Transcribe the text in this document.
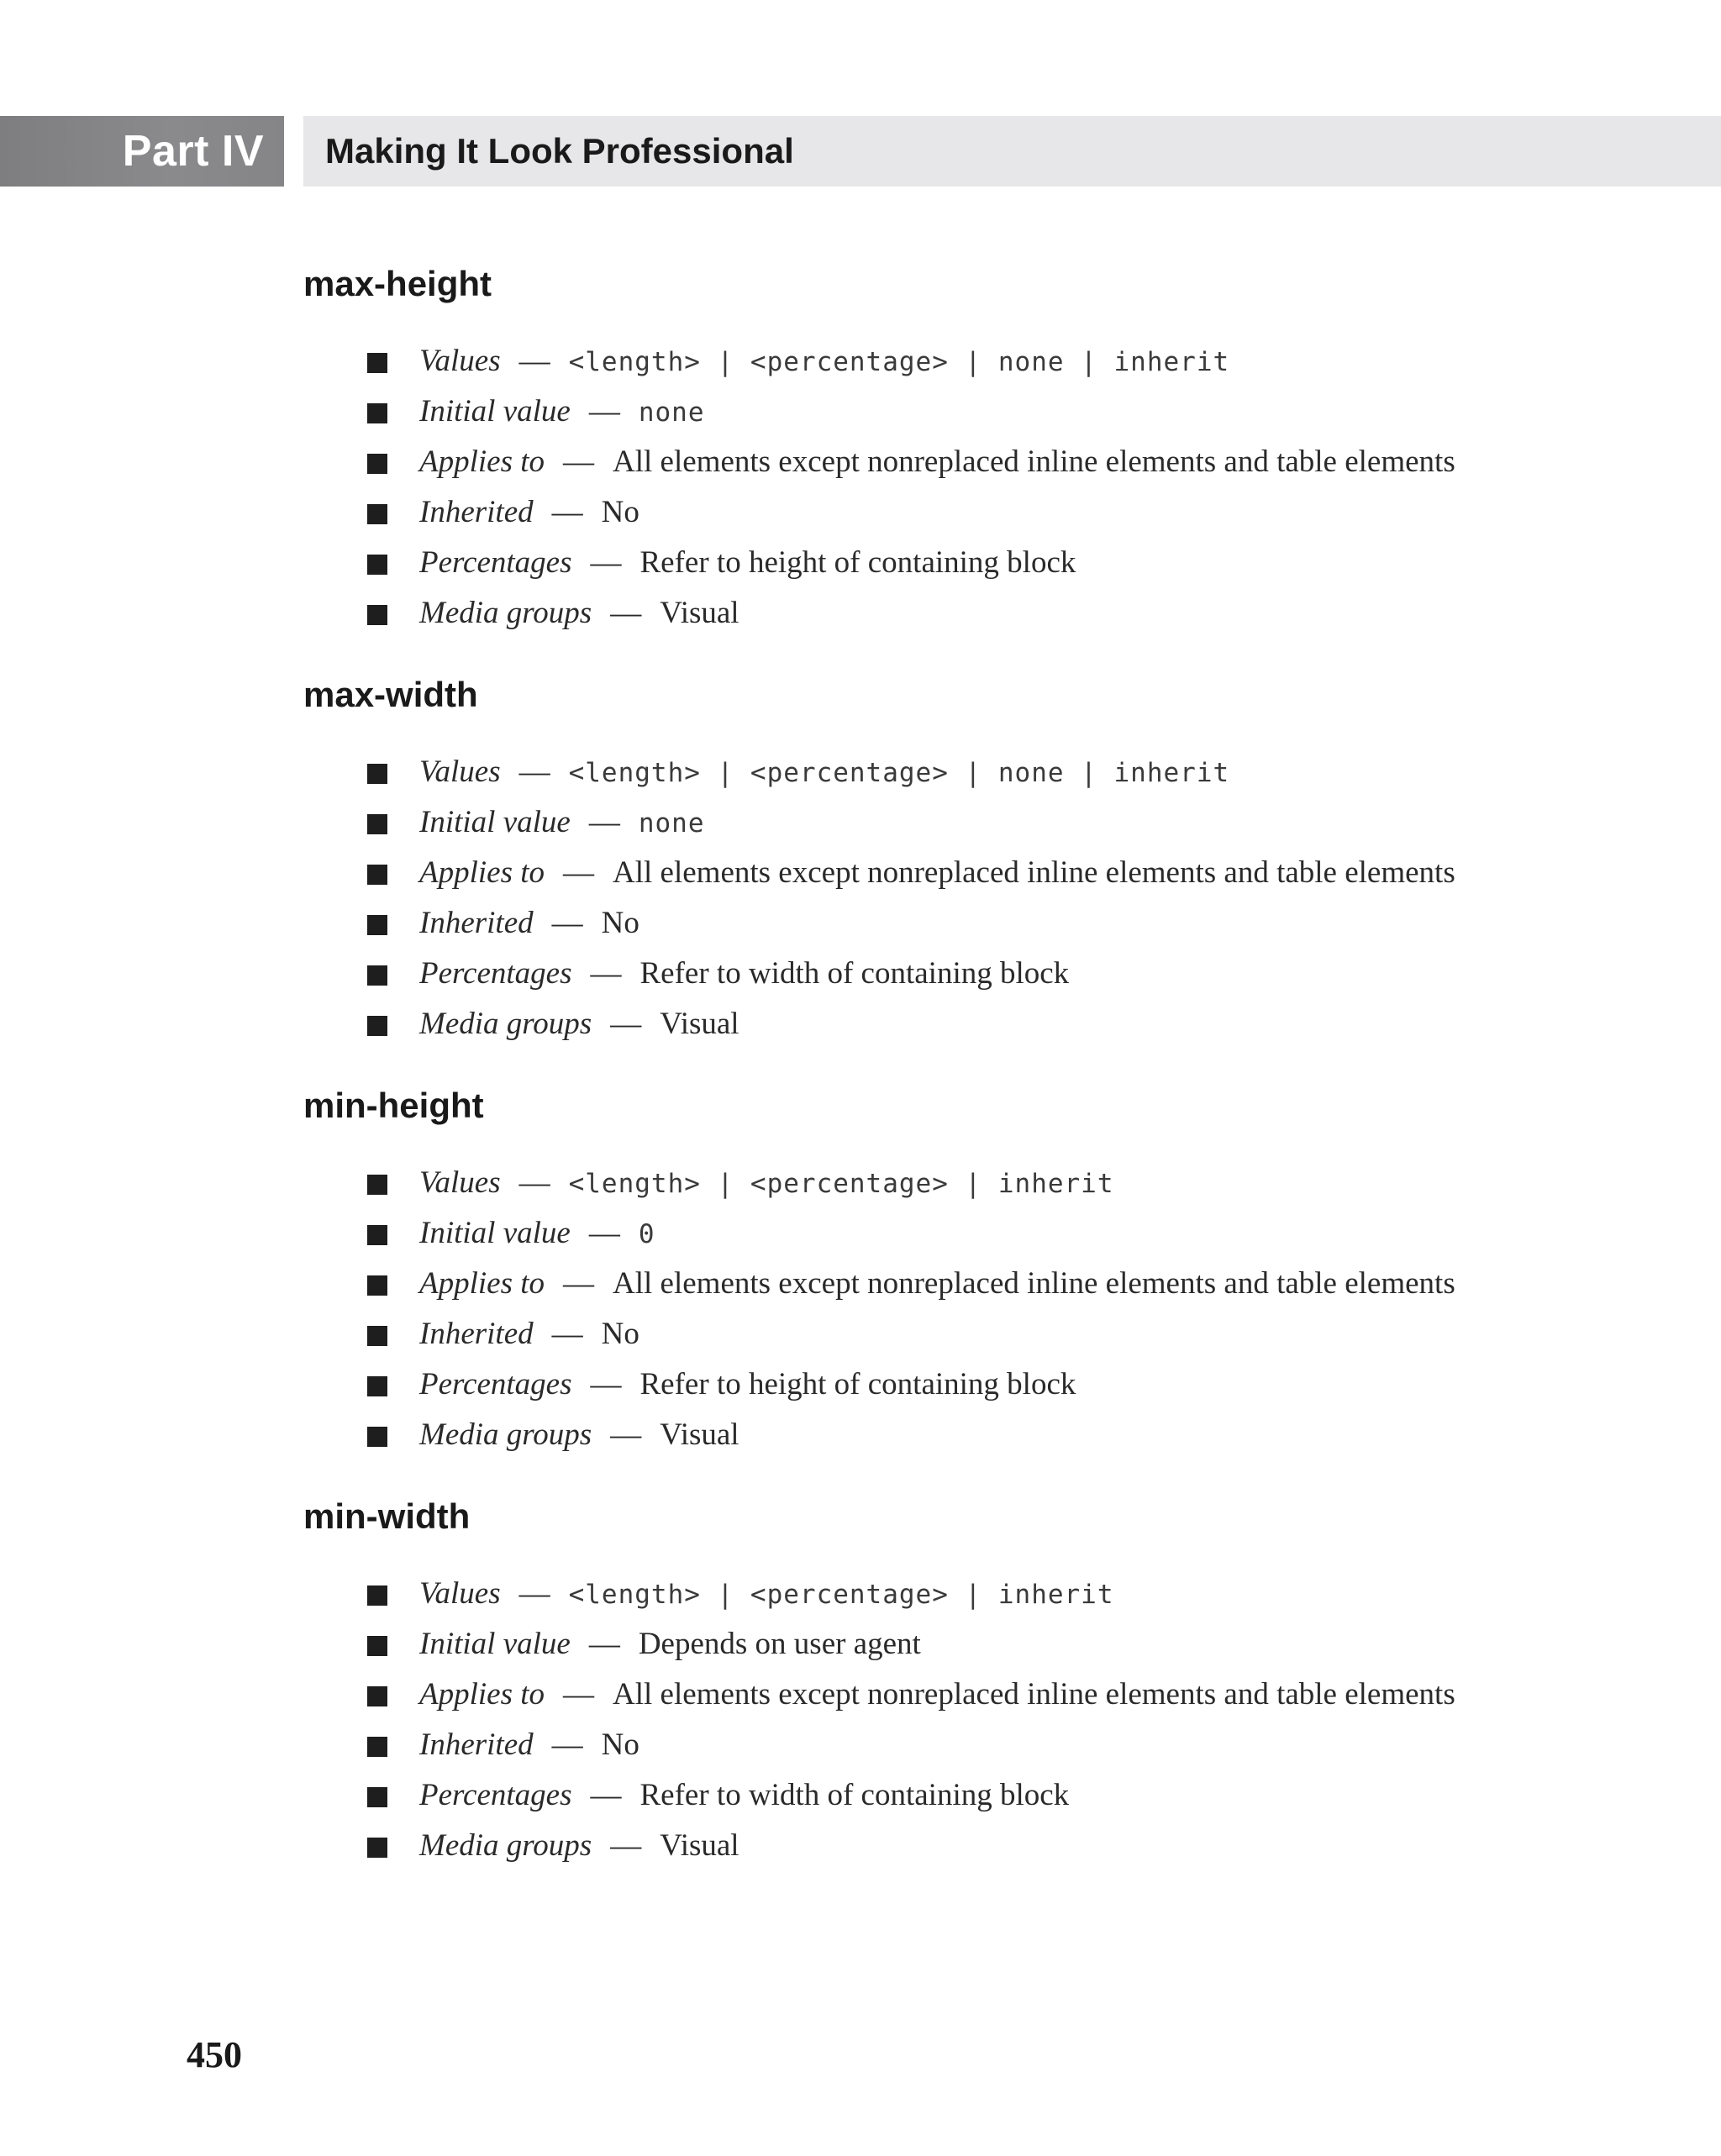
Part IV Making It Look Professional
max-height
Values — <length> | <percentage> | none | inherit
Initial value — none
Applies to — All elements except nonreplaced inline elements and table elements
Inherited — No
Percentages — Refer to height of containing block
Media groups — Visual
max-width
Values — <length> | <percentage> | none | inherit
Initial value — none
Applies to — All elements except nonreplaced inline elements and table elements
Inherited — No
Percentages — Refer to width of containing block
Media groups — Visual
min-height
Values — <length> | <percentage> | inherit
Initial value — 0
Applies to — All elements except nonreplaced inline elements and table elements
Inherited — No
Percentages — Refer to height of containing block
Media groups — Visual
min-width
Values — <length> | <percentage> | inherit
Initial value — Depends on user agent
Applies to — All elements except nonreplaced inline elements and table elements
Inherited — No
Percentages — Refer to width of containing block
Media groups — Visual
450
